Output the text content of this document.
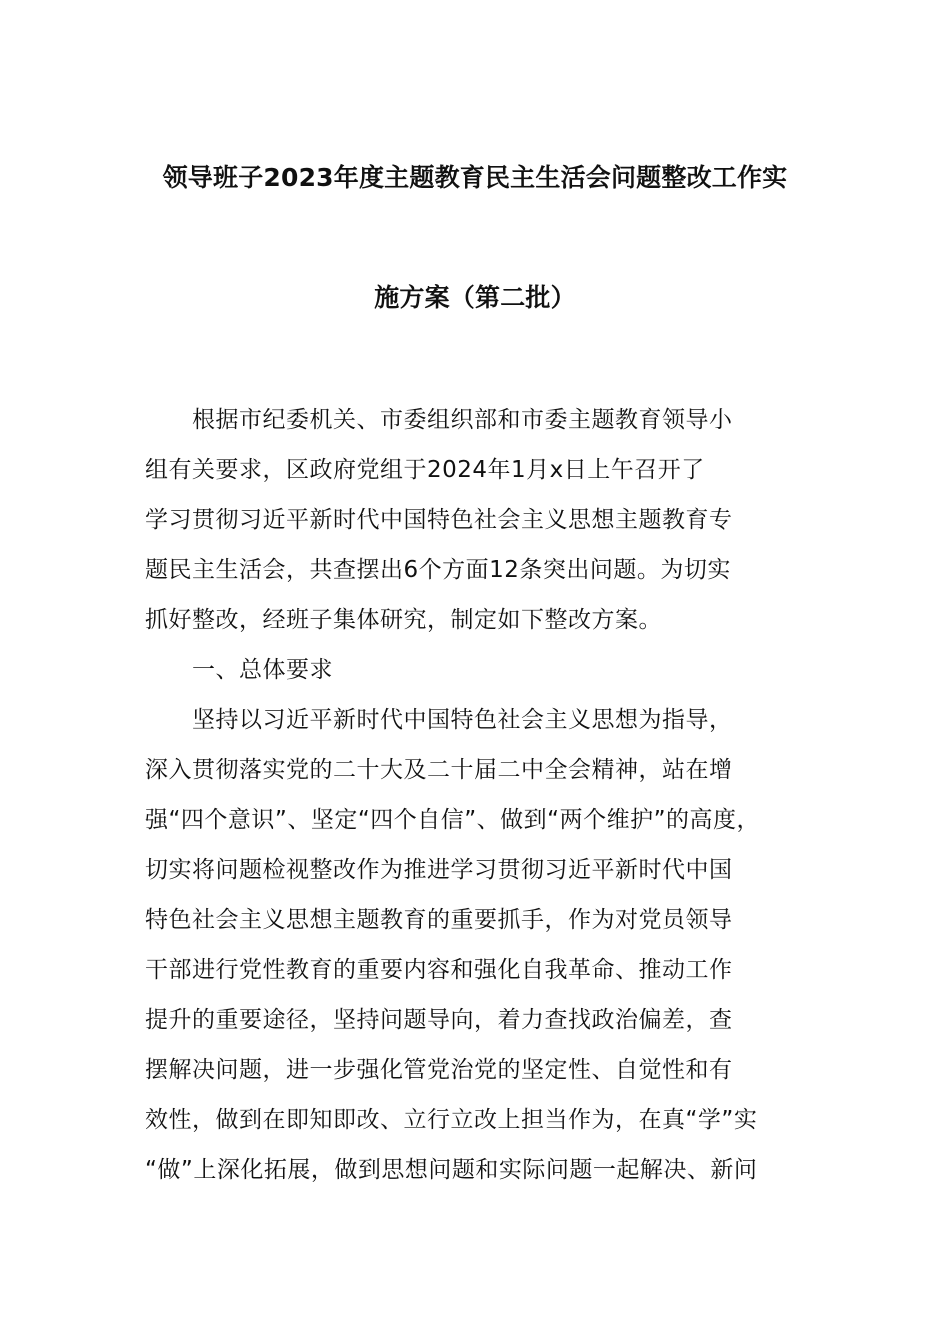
领导班子2023年度主题教育民主生活会问题整改工作实
施方案（第二批）
　　根据市纪委机关、市委组织部和市委主题教育领导小
组有关要求，区政府党组于2024年1月x日上午召开了
学习贯彻习近平新时代中国特色社会主义思想主题教育专
题民主生活会，共查摆出6个方面12条突出问题。为切实
抓好整改，经班子集体研究，制定如下整改方案。
　　一、总体要求
　　坚持以习近平新时代中国特色社会主义思想为指导，
深入贯彻落实党的二十大及二十届二中全会精神，站在增
强“四个意识”、坚定“四个自信”、做到“两个维护”的高度，
切实将问题检视整改作为推进学习贯彻习近平新时代中国
特色社会主义思想主题教育的重要抓手，作为对党员领导
干部进行党性教育的重要内容和强化自我革命、推动工作
提升的重要途径，坚持问题导向，着力查找政治偏差，查
摆解决问题，进一步强化管党治党的坚定性、自觉性和有
效性，做到在即知即改、立行立改上担当作为，在真“学”实
“做”上深化拓展，做到思想问题和实际问题一起解决、新问
